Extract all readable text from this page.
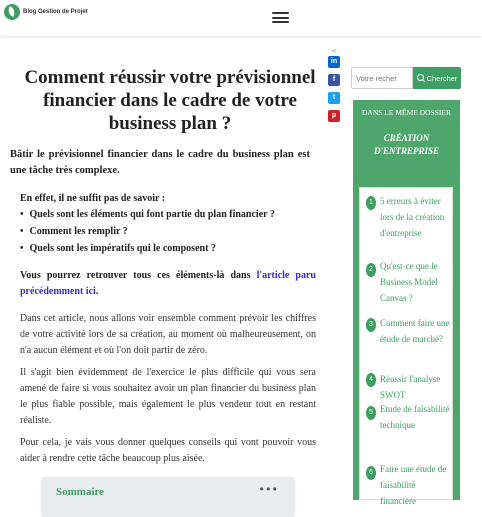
Blog Gestion de Projet
<
in
f
t
p
Comment réussir votre prévisionnel financier dans le cadre de votre business plan ?

Bâtir le prévisionnel financier dans le cadre du business plan est une tâche très complexe.

En effet, il ne suffit pas de savoir :

• Quels sont les éléments qui font partie du plan financier ?
• Comment les remplir ?
• Quels sont les impératifs qui le composent ?

Vous pourrez retrouver tous ces éléments-là dans l'article paru précédemment ici.

Dans cet article, nous allons voir ensemble comment prévoir les chiffres de votre activité lors de sa création, au moment où malheureusement, on n'a aucun élément et où l'on doit partir de zéro.

Il s'agit bien évidemment de l'exercice le plus difficile qui vous sera amené de faire si vous souhaitez avoir un plan financier du business plan le plus fiable possible, mais également le plus vendeur tout en restant réaliste.

Pour cela, je vais vous donner quelques conseils qui vont pouvoir vous aider à rendre cette tâche beaucoup plus aisée.

Sommaire	•••
Votre recher
Chercher
DANS LE MÊME DOSSIER
CRÉATION D'ENTREPRISE
1 5 erreurs à éviter lors de la création d'entreprise
2 Qu'est-ce que le Business Model Canvas ?
3 Comment faire une étude de marché?
4 Réussir l'analyse SWOT
5 Etude de faisabilité technique
6 Faire une étude de faisabilité financière
